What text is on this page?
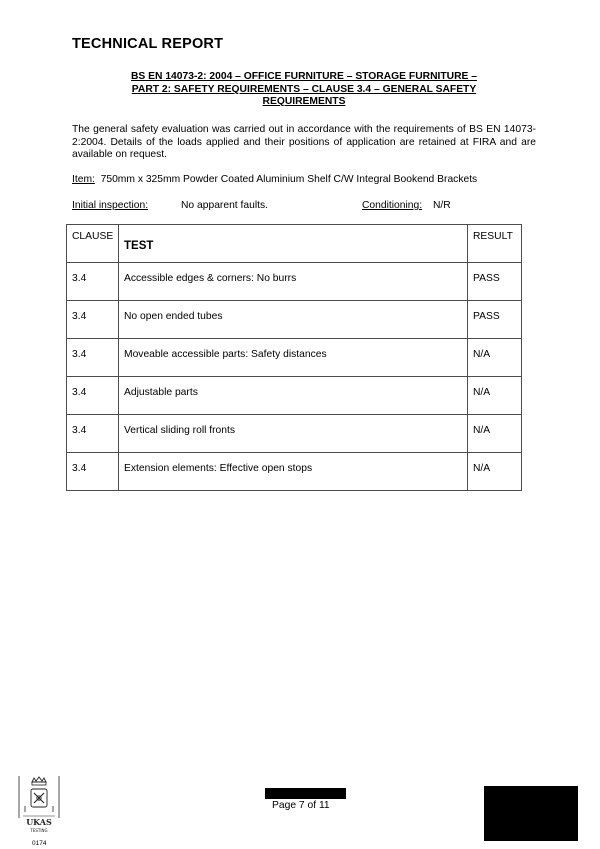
TECHNICAL REPORT
BS EN 14073-2: 2004 – OFFICE FURNITURE – STORAGE FURNITURE –
PART 2: SAFETY REQUIREMENTS – CLAUSE 3.4 – GENERAL SAFETY
REQUIREMENTS
The general safety evaluation was carried out in accordance with the requirements of BS EN 14073-2:2004. Details of the loads applied and their positions of application are retained at FIRA and are available on request.
Item: 750mm x 325mm Powder Coated Aluminium Shelf C/W Integral Bookend Brackets
Initial inspection:	No apparent faults.	Conditioning: N/R
CLAUSE	TEST	RESULT
3.4	Accessible edges & corners: No burrs	PASS
3.4	No open ended tubes	PASS
3.4	Moveable accessible parts: Safety distances	N/A
3.4	Adjustable parts	N/A
3.4	Vertical sliding roll fronts	N/A
3.4	Extension elements: Effective open stops	N/A
UKAS
TESTING
0174
Page 7 of 11
